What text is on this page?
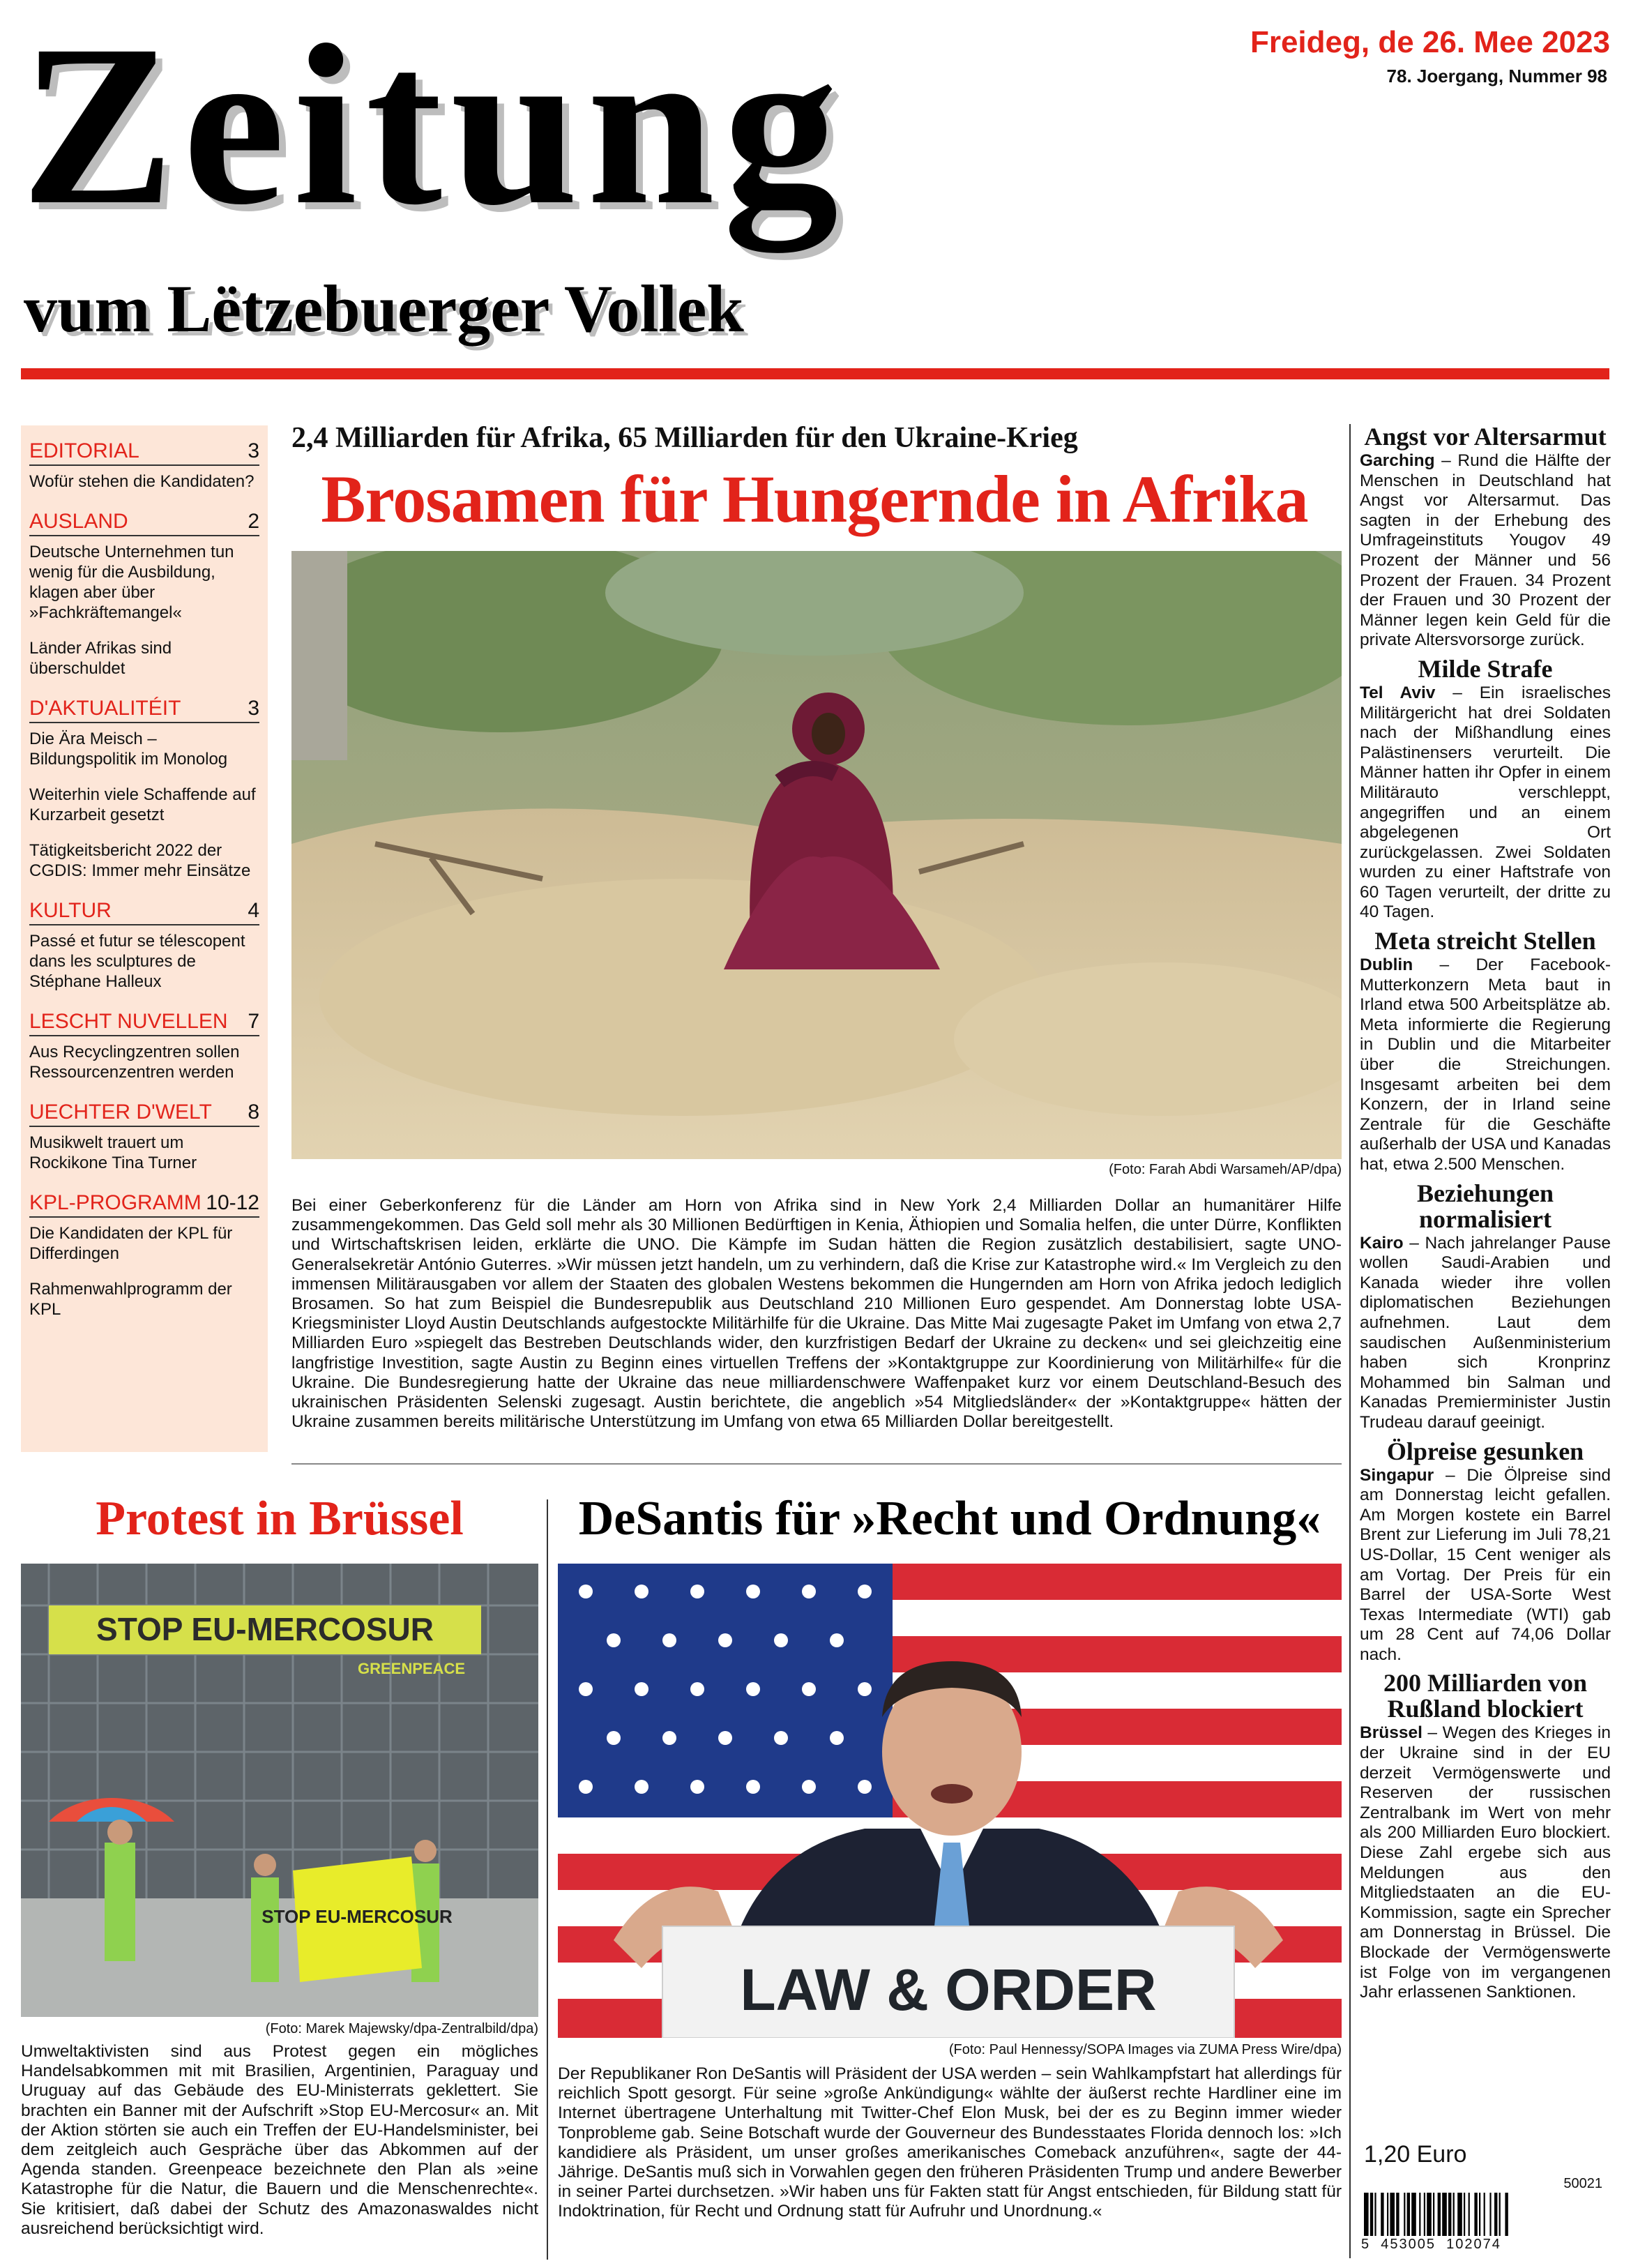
Zeitung
vum Lëtzebuerger Vollek
Freideg, de 26. Mee 2023
78. Joergang, Nummer 98
EDITORIAL	3
Wofür stehen die Kandidaten?
AUSLAND	2
Deutsche Unternehmen tun wenig für die Ausbildung, klagen aber über »Fachkräftemangel«
Länder Afrikas sind überschuldet
D'AKTUALITÉIT	3
Die Ära Meisch – Bildungspolitik im Monolog
Weiterhin viele Schaffende auf Kurzarbeit gesetzt
Tätigkeitsbericht 2022 der CGDIS: Immer mehr Einsätze
KULTUR	4
Passé et futur se télescopent dans les sculptures de Stéphane Halleux
LESCHT NUVELLEN 7
Aus Recyclingzentren sollen Ressourcenzentren werden
UECHTER D'WELT 8
Musikwelt trauert um Rockikone Tina Turner
KPL-PROGRAMM 10-12
Die Kandidaten der KPL für Differdingen
Rahmenwahlprogramm der KPL
2,4 Milliarden für Afrika, 65 Milliarden für den Ukraine-Krieg
Brosamen für Hungernde in Afrika
(Foto: Farah Abdi Warsameh/AP/dpa)
Bei einer Geberkonferenz für die Länder am Horn von Afrika sind in New York 2,4 Milliarden Dollar an humanitärer Hilfe zusammengekommen. Das Geld soll mehr als 30 Millionen Bedürftigen in Kenia, Äthiopien und Somalia helfen, die unter Dürre, Konflikten und Wirtschaftskrisen leiden, erklärte die UNO. Die Kämpfe im Sudan hätten die Region zusätzlich destabilisiert, sagte UNO-Generalsekretär António Guterres. »Wir müssen jetzt handeln, um zu verhindern, daß die Krise zur Katastrophe wird.« Im Vergleich zu den immensen Militärausgaben vor allem der Staaten des globalen Westens bekommen die Hungernden am Horn von Afrika jedoch lediglich Brosamen. So hat zum Beispiel die Bundesrepublik aus Deutschland 210 Millionen Euro gespendet. Am Donnerstag lobte USA-Kriegsminister Lloyd Austin Deutschlands aufgestockte Militärhilfe für die Ukraine. Das Mitte Mai zugesagte Paket im Umfang von etwa 2,7 Milliarden Euro »spiegelt das Bestreben Deutschlands wider, den kurzfristigen Bedarf der Ukraine zu decken« und sei gleichzeitig eine langfristige Investition, sagte Austin zu Beginn eines virtuellen Treffens der »Kontaktgruppe zur Koordinierung von Militärhilfe« für die Ukraine. Die Bundesregierung hatte der Ukraine das neue milliardenschwere Waffenpaket kurz vor einem Deutschland-Besuch des ukrainischen Präsidenten Selenski zugesagt. Austin berichtete, die angeblich »54 Mitgliedsländer« der »Kontaktgruppe« hätten der Ukraine zusammen bereits militärische Unterstützung im Umfang von etwa 65 Milliarden Dollar bereitgestellt.
Protest in Brüssel
STOP EU-MERCOSUR
GREENPEACE
STOP EU-MERCOSUR
(Foto: Marek Majewsky/dpa-Zentralbild/dpa)
Umweltaktivisten sind aus Protest gegen ein mögliches Handelsabkommen mit mit Brasilien, Argentinien, Paraguay und Uruguay auf das Gebäude des EU-Ministerrats geklettert. Sie brachten ein Banner mit der Aufschrift »Stop EU-Mercosur« an. Mit der Aktion störten sie auch ein Treffen der EU-Handelsminister, bei dem zeitgleich auch Gespräche über das Abkommen auf der Agenda standen. Greenpeace bezeichnete den Plan als »eine Katastrophe für die Natur, die Bauern und die Menschenrechte«. Sie kritisiert, daß dabei der Schutz des Amazonaswaldes nicht ausreichend berücksichtigt wird.
DeSantis für »Recht und Ordnung«
LAW & ORDER
(Foto: Paul Hennessy/SOPA Images via ZUMA Press Wire/dpa)
Der Republikaner Ron DeSantis will Präsident der USA werden – sein Wahlkampfstart hat allerdings für reichlich Spott gesorgt. Für seine »große Ankündigung« wählte der äußerst rechte Hardliner eine im Internet übertragene Unterhaltung mit Twitter-Chef Elon Musk, bei der es zu Beginn immer wieder Tonprobleme gab. Seine Botschaft wurde der Gouverneur des Bundesstaates Florida dennoch los: »Ich kandidiere als Präsident, um unser großes amerikanisches Comeback anzuführen«, sagte der 44-Jährige. DeSantis muß sich in Vorwahlen gegen den früheren Präsidenten Trump und andere Bewerber in seiner Partei durchsetzen. »Wir haben uns für Fakten statt für Angst entschieden, für Bildung statt für Indoktrination, für Recht und Ordnung statt für Aufruhr und Unordnung.«
Angst vor Altersarmut

Garching – Rund die Hälfte der Menschen in Deutschland hat Angst vor Altersarmut. Das sagten in der Erhebung des Umfrageinstituts Yougov 49 Prozent der Männer und 56 Prozent der Frauen. 34 Prozent der Frauen und 30 Prozent der Männer legen kein Geld für die private Altersvorsorge zurück.

Milde Strafe

Tel Aviv – Ein israelisches Militärgericht hat drei Soldaten nach der Mißhandlung eines Palästinensers verurteilt. Die Männer hatten ihr Opfer in einem Militärauto verschleppt, angegriffen und an einem abgelegenen Ort zurückgelassen. Zwei Soldaten wurden zu einer Haftstrafe von 60 Tagen verurteilt, der dritte zu 40 Tagen.

Meta streicht Stellen

Dublin – Der Facebook-Mutterkonzern Meta baut in Irland etwa 500 Arbeitsplätze ab. Meta informierte die Regierung in Dublin und die Mitarbeiter über die Streichungen. Insgesamt arbeiten bei dem Konzern, der in Irland seine Zentrale für die Geschäfte außerhalb der USA und Kanadas hat, etwa 2.500 Menschen.

Beziehungen normalisiert

Kairo – Nach jahrelanger Pause wollen Saudi-Arabien und Kanada wieder ihre vollen diplomatischen Beziehungen aufnehmen. Laut dem saudischen Außenministerium haben sich Kronprinz Mohammed bin Salman und Kanadas Premierminister Justin Trudeau darauf geeinigt.

Ölpreise gesunken

Singapur – Die Ölpreise sind am Donnerstag leicht gefallen. Am Morgen kostete ein Barrel Brent zur Lieferung im Juli 78,21 US-Dollar, 15 Cent weniger als am Vortag. Der Preis für ein Barrel der USA-Sorte West Texas Intermediate (WTI) gab um 28 Cent auf 74,06 Dollar nach.

200 Milliarden von Rußland blockiert

Brüssel – Wegen des Krieges in der Ukraine sind in der EU derzeit Vermögenswerte und Reserven der russischen Zentralbank im Wert von mehr als 200 Milliarden Euro blockiert. Diese Zahl ergebe sich aus Meldungen aus den Mitgliedstaaten an die EU-Kommission, sagte ein Sprecher am Donnerstag in Brüssel. Die Blockade der Vermögenswerte ist Folge von im vergangenen Jahr erlassenen Sanktionen.

1,20 Euro
50021
5  453005  102074
